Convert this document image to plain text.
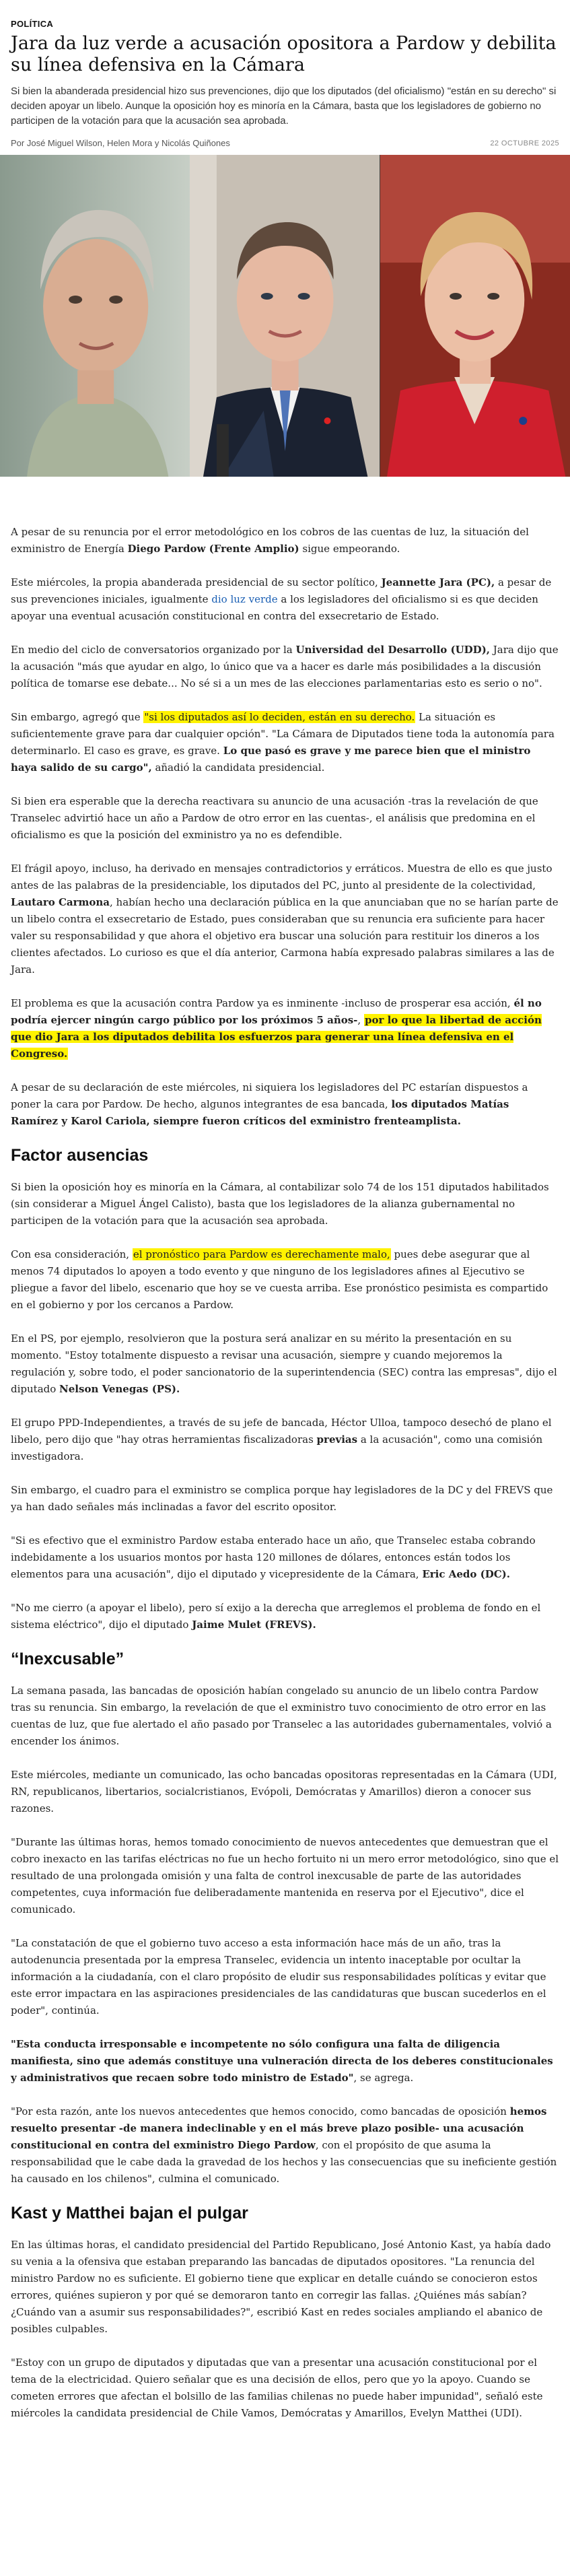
POLÍTICA
Jara da luz verde a acusación opositora a Pardow y debilita su línea defensiva en la Cámara
Si bien la abanderada presidencial hizo sus prevenciones, dijo que los diputados (del oficialismo) "están en su derecho" si deciden apoyar un libelo. Aunque la oposición hoy es minoría en la Cámara, basta que los legisladores de gobierno no participen de la votación para que la acusación sea aprobada.
Por José Miguel Wilson, Helen Mora y Nicolás Quiñones	22 OCTUBRE 2025

A pesar de su renuncia por el error metodológico en los cobros de las cuentas de luz, la situación del exministro de Energía Diego Pardow (Frente Amplio) sigue empeorando.

Este miércoles, la propia abanderada presidencial de su sector político, Jeannette Jara (PC), a pesar de sus prevenciones iniciales, igualmente dio luz verde a los legisladores del oficialismo si es que deciden apoyar una eventual acusación constitucional en contra del exsecretario de Estado.

En medio del ciclo de conversatorios organizado por la Universidad del Desarrollo (UDD), Jara dijo que la acusación "más que ayudar en algo, lo único que va a hacer es darle más posibilidades a la discusión política de tomarse ese debate... No sé si a un mes de las elecciones parlamentarias esto es serio o no".

Sin embargo, agregó que "si los diputados así lo deciden, están en su derecho. La situación es suficientemente grave para dar cualquier opción". "La Cámara de Diputados tiene toda la autonomía para determinarlo. El caso es grave, es grave. Lo que pasó es grave y me parece bien que el ministro haya salido de su cargo", añadió la candidata presidencial.

Si bien era esperable que la derecha reactivara su anuncio de una acusación -tras la revelación de que Transelec advirtió hace un año a Pardow de otro error en las cuentas-, el análisis que predomina en el oficialismo es que la posición del exministro ya no es defendible.

El frágil apoyo, incluso, ha derivado en mensajes contradictorios y erráticos. Muestra de ello es que justo antes de las palabras de la presidenciable, los diputados del PC, junto al presidente de la colectividad, Lautaro Carmona, habían hecho una declaración pública en la que anunciaban que no se harían parte de un libelo contra el exsecretario de Estado, pues consideraban que su renuncia era suficiente para hacer valer su responsabilidad y que ahora el objetivo era buscar una solución para restituir los dineros a los clientes afectados. Lo curioso es que el día anterior, Carmona había expresado palabras similares a las de Jara.

El problema es que la acusación contra Pardow ya es inminente -incluso de prosperar esa acción, él no podría ejercer ningún cargo público por los próximos 5 años-, por lo que la libertad de acción que dio Jara a los diputados debilita los esfuerzos para generar una línea defensiva en el Congreso.

A pesar de su declaración de este miércoles, ni siquiera los legisladores del PC estarían dispuestos a poner la cara por Pardow. De hecho, algunos integrantes de esa bancada, los diputados Matías Ramírez y Karol Cariola, siempre fueron críticos del exministro frenteamplista.

Factor ausencias

Si bien la oposición hoy es minoría en la Cámara, al contabilizar solo 74 de los 151 diputados habilitados (sin considerar a Miguel Ángel Calisto), basta que los legisladores de la alianza gubernamental no participen de la votación para que la acusación sea aprobada.

Con esa consideración, el pronóstico para Pardow es derechamente malo, pues debe asegurar que al menos 74 diputados lo apoyen a todo evento y que ninguno de los legisladores afines al Ejecutivo se pliegue a favor del libelo, escenario que hoy se ve cuesta arriba. Ese pronóstico pesimista es compartido en el gobierno y por los cercanos a Pardow.

En el PS, por ejemplo, resolvieron que la postura será analizar en su mérito la presentación en su momento. "Estoy totalmente dispuesto a revisar una acusación, siempre y cuando mejoremos la regulación y, sobre todo, el poder sancionatorio de la superintendencia (SEC) contra las empresas", dijo el diputado Nelson Venegas (PS).

El grupo PPD-Independientes, a través de su jefe de bancada, Héctor Ulloa, tampoco desechó de plano el libelo, pero dijo que "hay otras herramientas fiscalizadoras previas a la acusación", como una comisión investigadora.

Sin embargo, el cuadro para el exministro se complica porque hay legisladores de la DC y del FREVS que ya han dado señales más inclinadas a favor del escrito opositor.

"Si es efectivo que el exministro Pardow estaba enterado hace un año, que Transelec estaba cobrando indebidamente a los usuarios montos por hasta 120 millones de dólares, entonces están todos los elementos para una acusación", dijo el diputado y vicepresidente de la Cámara, Eric Aedo (DC).

"No me cierro (a apoyar el libelo), pero sí exijo a la derecha que arreglemos el problema de fondo en el sistema eléctrico", dijo el diputado Jaime Mulet (FREVS).

“Inexcusable”

La semana pasada, las bancadas de oposición habían congelado su anuncio de un libelo contra Pardow tras su renuncia. Sin embargo, la revelación de que el exministro tuvo conocimiento de otro error en las cuentas de luz, que fue alertado el año pasado por Transelec a las autoridades gubernamentales, volvió a encender los ánimos.

Este miércoles, mediante un comunicado, las ocho bancadas opositoras representadas en la Cámara (UDI, RN, republicanos, libertarios, socialcristianos, Evópoli, Demócratas y Amarillos) dieron a conocer sus razones.

"Durante las últimas horas, hemos tomado conocimiento de nuevos antecedentes que demuestran que el cobro inexacto en las tarifas eléctricas no fue un hecho fortuito ni un mero error metodológico, sino que el resultado de una prolongada omisión y una falta de control inexcusable de parte de las autoridades competentes, cuya información fue deliberadamente mantenida en reserva por el Ejecutivo", dice el comunicado.

"La constatación de que el gobierno tuvo acceso a esta información hace más de un año, tras la autodenuncia presentada por la empresa Transelec, evidencia un intento inaceptable por ocultar la información a la ciudadanía, con el claro propósito de eludir sus responsabilidades políticas y evitar que este error impactara en las aspiraciones presidenciales de las candidaturas que buscan sucederlos en el poder", continúa.

"Esta conducta irresponsable e incompetente no sólo configura una falta de diligencia manifiesta, sino que además constituye una vulneración directa de los deberes constitucionales y administrativos que recaen sobre todo ministro de Estado", se agrega.

"Por esta razón, ante los nuevos antecedentes que hemos conocido, como bancadas de oposición hemos resuelto presentar -de manera indeclinable y en el más breve plazo posible- una acusación constitucional en contra del exministro Diego Pardow, con el propósito de que asuma la responsabilidad que le cabe dada la gravedad de los hechos y las consecuencias que su ineficiente gestión ha causado en los chilenos", culmina el comunicado.

Kast y Matthei bajan el pulgar

En las últimas horas, el candidato presidencial del Partido Republicano, José Antonio Kast, ya había dado su venia a la ofensiva que estaban preparando las bancadas de diputados opositores. "La renuncia del ministro Pardow no es suficiente. El gobierno tiene que explicar en detalle cuándo se conocieron estos errores, quiénes supieron y por qué se demoraron tanto en corregir las fallas. ¿Quiénes más sabían? ¿Cuándo van a asumir sus responsabilidades?", escribió Kast en redes sociales ampliando el abanico de posibles culpables.

"Estoy con un grupo de diputados y diputadas que van a presentar una acusación constitucional por el tema de la electricidad. Quiero señalar que es una decisión de ellos, pero que yo la apoyo. Cuando se cometen errores que afectan el bolsillo de las familias chilenas no puede haber impunidad", señaló este miércoles la candidata presidencial de Chile Vamos, Demócratas y Amarillos, Evelyn Matthei (UDI).
